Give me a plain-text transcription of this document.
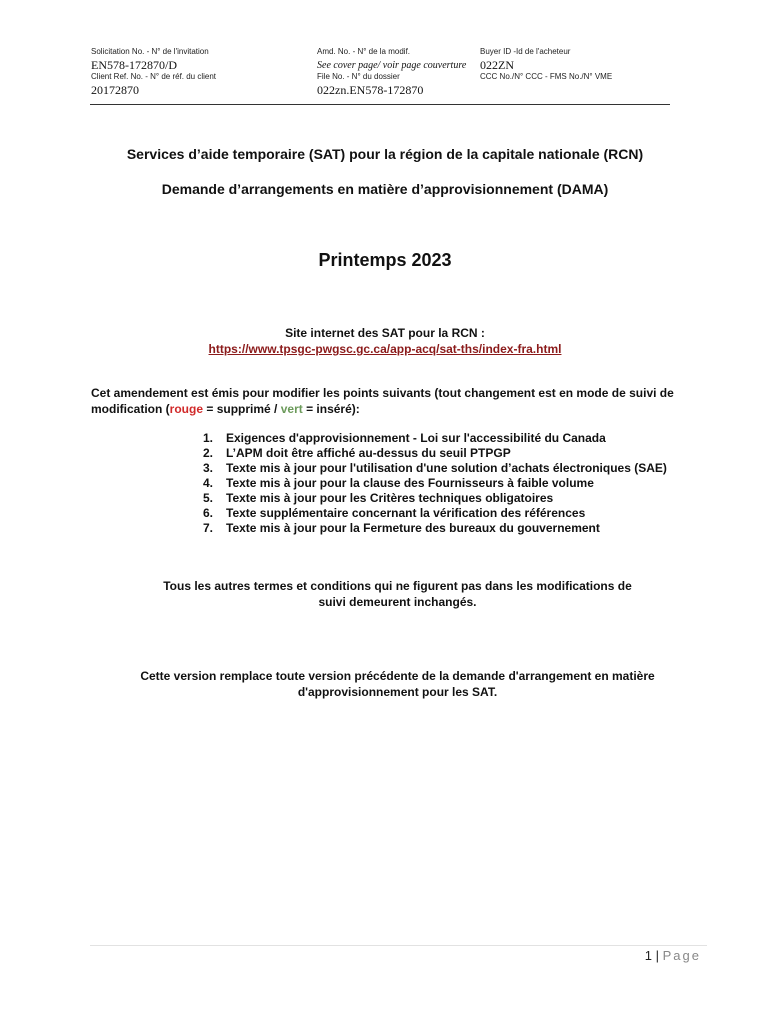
Solicitation No. - N° de l'invitation
EN578-172870/D
Client Ref. No. - N° de réf. du client
20172870
Amd. No. - N° de la modif.
See cover page/ voir page couverture
File No. - N° du dossier
022zn.EN578-172870
Buyer ID -Id de l'acheteur
022ZN
CCC No./N° CCC - FMS No./N° VME
Services d’aide temporaire (SAT) pour la région de la capitale nationale (RCN)
Demande d’arrangements en matière d’approvisionnement (DAMA)
Printemps 2023
Site internet des SAT pour la RCN :
https://www.tpsgc-pwgsc.gc.ca/app-acq/sat-ths/index-fra.html
Cet amendement est émis pour modifier les points suivants (tout changement est en mode de suivi de modification (rouge = supprimé / vert = inséré):
1. Exigences d'approvisionnement - Loi sur l'accessibilité du Canada
2. L’APM doit être affiché au-dessus du seuil PTPGP
3. Texte mis à jour pour l'utilisation d'une solution d’achats électroniques (SAE)
4. Texte mis à jour pour la clause des Fournisseurs à faible volume
5. Texte mis à jour pour les Critères techniques obligatoires
6. Texte supplémentaire concernant la vérification des références
7. Texte mis à jour pour la Fermeture des bureaux du gouvernement
Tous les autres termes et conditions qui ne figurent pas dans les modifications de
suivi demeurent inchangés.
Cette version remplace toute version précédente de la demande d'arrangement en matière
d'approvisionnement pour les SAT.
1 | Page
